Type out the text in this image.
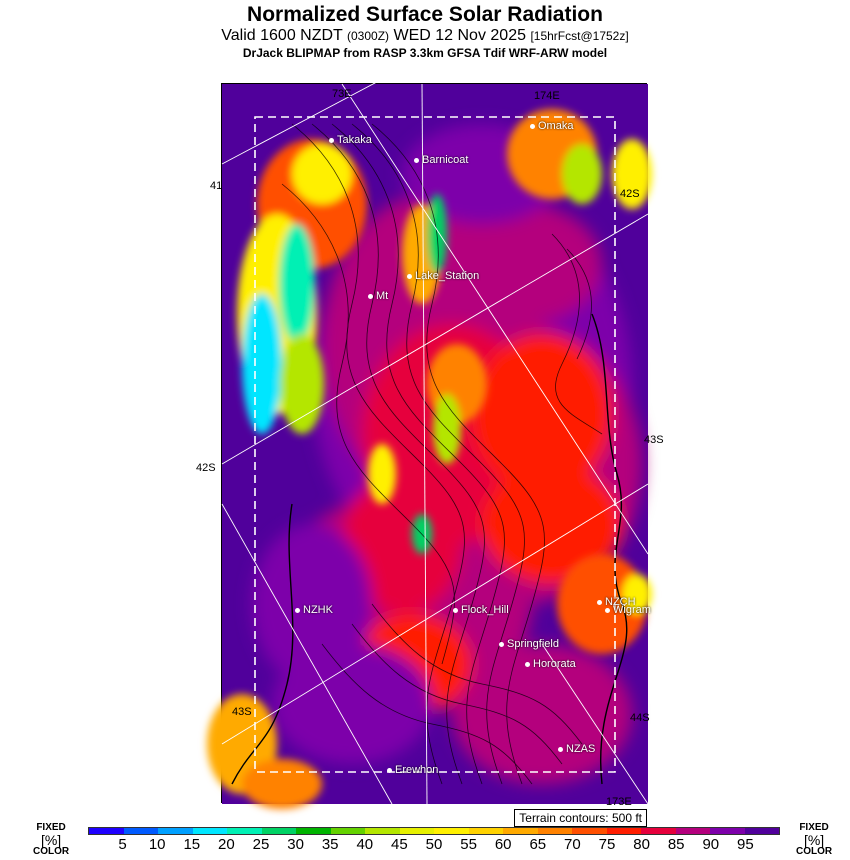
Normalized Surface Solar Radiation
Valid 1600 NZDT (0300Z) WED 12 Nov 2025 [15hrFcst@1752z]
DrJack BLIPMAP from RASP 3.3km GFSA Tdif WRF-ARW model
Takaka
Omaka
Barnicoat
Lake_Station
Mt
NZHK	Flock_Hill
NZCH
Wigram
Springfield
Hororata
NZAS
Erewhon
73E	174E
41
42S
42S
43S
43S	44S
173E
Terrain contours: 500 ft
FIXED
[%]
COLOR
FIXED
[%]
COLOR
5 10 15 20 25 30 35 40 45 50 55 60 65 70 75 80 85 90 95
